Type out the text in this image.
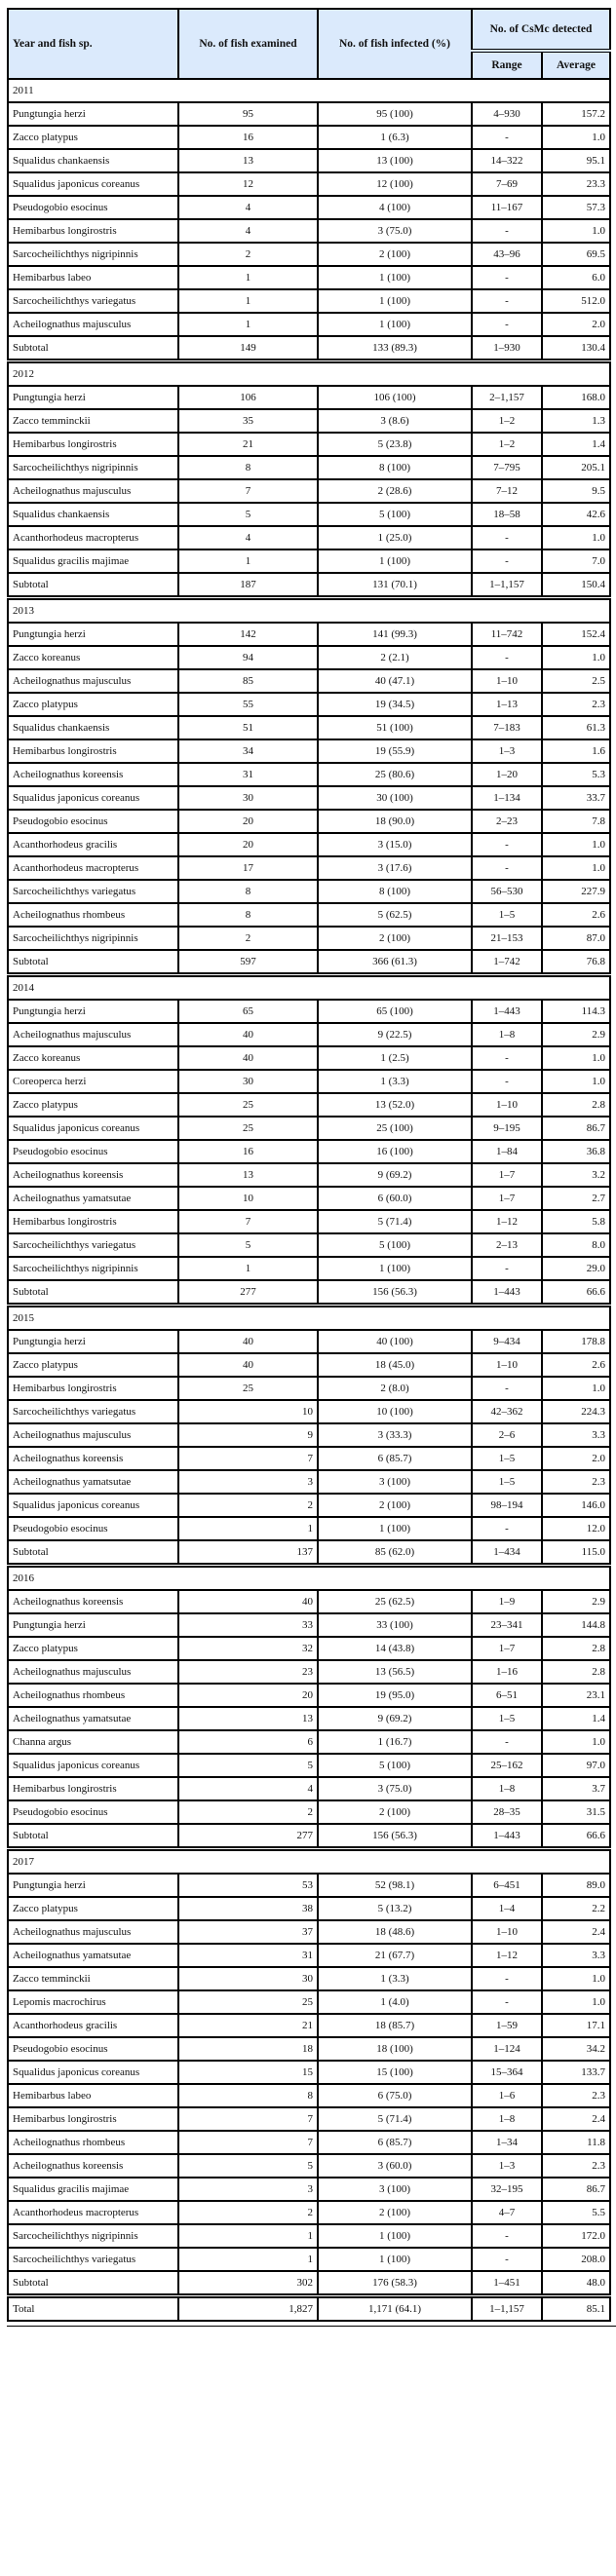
Year and fish sp.	No. of fish examined	No. of fish infected (%)	No. of CsMc detected	
			Range	Average
2011				
Pungtungia herzi	95	95 (100)	4–930	157.2
Zacco platypus	16	1 (6.3)	-	1.0
Squalidus chankaensis	13	13 (100)	14–322	95.1
Squalidus japonicus coreanus	12	12 (100)	7–69	23.3
Pseudogobio esocinus	4	4 (100)	11–167	57.3
Hemibarbus longirostris	4	3 (75.0)	-	1.0
Sarcocheilichthys nigripinnis	2	2 (100)	43–96	69.5
Hemibarbus labeo	1	1 (100)	-	6.0
Sarcocheilichthys variegatus	1	1 (100)	-	512.0
Acheilognathus majusculus	1	1 (100)	-	2.0
Subtotal	149	133 (89.3)	1–930	130.4
2012				
Pungtungia herzi	106	106 (100)	2–1,157	168.0
Zacco temminckii	35	3 (8.6)	1–2	1.3
Hemibarbus longirostris	21	5 (23.8)	1–2	1.4
Sarcocheilichthys nigripinnis	8	8 (100)	7–795	205.1
Acheilognathus majusculus	7	2 (28.6)	7–12	9.5
Squalidus chankaensis	5	5 (100)	18–58	42.6
Acanthorhodeus macropterus	4	1 (25.0)	-	1.0
Squalidus gracilis majimae	1	1 (100)	-	7.0
Subtotal	187	131 (70.1)	1–1,157	150.4
2013				
Pungtungia herzi	142	141 (99.3)	11–742	152.4
Zacco koreanus	94	2 (2.1)	-	1.0
Acheilognathus majusculus	85	40 (47.1)	1–10	2.5
Zacco platypus	55	19 (34.5)	1–13	2.3
Squalidus chankaensis	51	51 (100)	7–183	61.3
Hemibarbus longirostris	34	19 (55.9)	1–3	1.6
Acheilognathus koreensis	31	25 (80.6)	1–20	5.3
Squalidus japonicus coreanus	30	30 (100)	1–134	33.7
Pseudogobio esocinus	20	18 (90.0)	2–23	7.8
Acanthorhodeus gracilis	20	3 (15.0)	-	1.0
Acanthorhodeus macropterus	17	3 (17.6)	-	1.0
Sarcocheilichthys variegatus	8	8 (100)	56–530	227.9
Acheilognathus rhombeus	8	5 (62.5)	1–5	2.6
Sarcocheilichthys nigripinnis	2	2 (100)	21–153	87.0
Subtotal	597	366 (61.3)	1–742	76.8
2014				
Pungtungia herzi	65	65 (100)	1–443	114.3
Acheilognathus majusculus	40	9 (22.5)	1–8	2.9
Zacco koreanus	40	1 (2.5)	-	1.0
Coreoperca herzi	30	1 (3.3)	-	1.0
Zacco platypus	25	13 (52.0)	1–10	2.8
Squalidus japonicus coreanus	25	25 (100)	9–195	86.7
Pseudogobio esocinus	16	16 (100)	1–84	36.8
Acheilognathus koreensis	13	9 (69.2)	1–7	3.2
Acheilognathus yamatsutae	10	6 (60.0)	1–7	2.7
Hemibarbus longirostris	7	5 (71.4)	1–12	5.8
Sarcocheilichthys variegatus	5	5 (100)	2–13	8.0
Sarcocheilichthys nigripinnis	1	1 (100)	-	29.0
Subtotal	277	156 (56.3)	1–443	66.6
2015				
Pungtungia herzi	40	40 (100)	9–434	178.8
Zacco platypus	40	18 (45.0)	1–10	2.6
Hemibarbus longirostris	25	2 (8.0)	-	1.0
Sarcocheilichthys variegatus	10	10 (100)	42–362	224.3
Acheilognathus majusculus	9	3 (33.3)	2–6	3.3
Acheilognathus koreensis	7	6 (85.7)	1–5	2.0
Acheilognathus yamatsutae	3	3 (100)	1–5	2.3
Squalidus japonicus coreanus	2	2 (100)	98–194	146.0
Pseudogobio esocinus	1	1 (100)	-	12.0
Subtotal	137	85 (62.0)	1–434	115.0
2016				
Acheilognathus koreensis	40	25 (62.5)	1–9	2.9
Pungtungia herzi	33	33 (100)	23–341	144.8
Zacco platypus	32	14 (43.8)	1–7	2.8
Acheilognathus majusculus	23	13 (56.5)	1–16	2.8
Acheilognathus rhombeus	20	19 (95.0)	6–51	23.1
Acheilognathus yamatsutae	13	9 (69.2)	1–5	1.4
Channa argus	6	1 (16.7)	-	1.0
Squalidus japonicus coreanus	5	5 (100)	25–162	97.0
Hemibarbus longirostris	4	3 (75.0)	1–8	3.7
Pseudogobio esocinus	2	2 (100)	28–35	31.5
Subtotal	277	156 (56.3)	1–443	66.6
2017				
Pungtungia herzi	53	52 (98.1)	6–451	89.0
Zacco platypus	38	5 (13.2)	1–4	2.2
Acheilognathus majusculus	37	18 (48.6)	1–10	2.4
Acheilognathus yamatsutae	31	21 (67.7)	1–12	3.3
Zacco temminckii	30	1 (3.3)	-	1.0
Lepomis macrochirus	25	1 (4.0)	-	1.0
Acanthorhodeus gracilis	21	18 (85.7)	1–59	17.1
Pseudogobio esocinus	18	18 (100)	1–124	34.2
Squalidus japonicus coreanus	15	15 (100)	15–364	133.7
Hemibarbus labeo	8	6 (75.0)	1–6	2.3
Hemibarbus longirostris	7	5 (71.4)	1–8	2.4
Acheilognathus rhombeus	7	6 (85.7)	1–34	11.8
Acheilognathus koreensis	5	3 (60.0)	1–3	2.3
Squalidus gracilis majimae	3	3 (100)	32–195	86.7
Acanthorhodeus macropterus	2	2 (100)	4–7	5.5
Sarcocheilichthys nigripinnis	1	1 (100)	-	172.0
Sarcocheilichthys variegatus	1	1 (100)	-	208.0
Subtotal	302	176 (58.3)	1–451	48.0
Total	1,827	1,171 (64.1)	1–1,157	85.1
